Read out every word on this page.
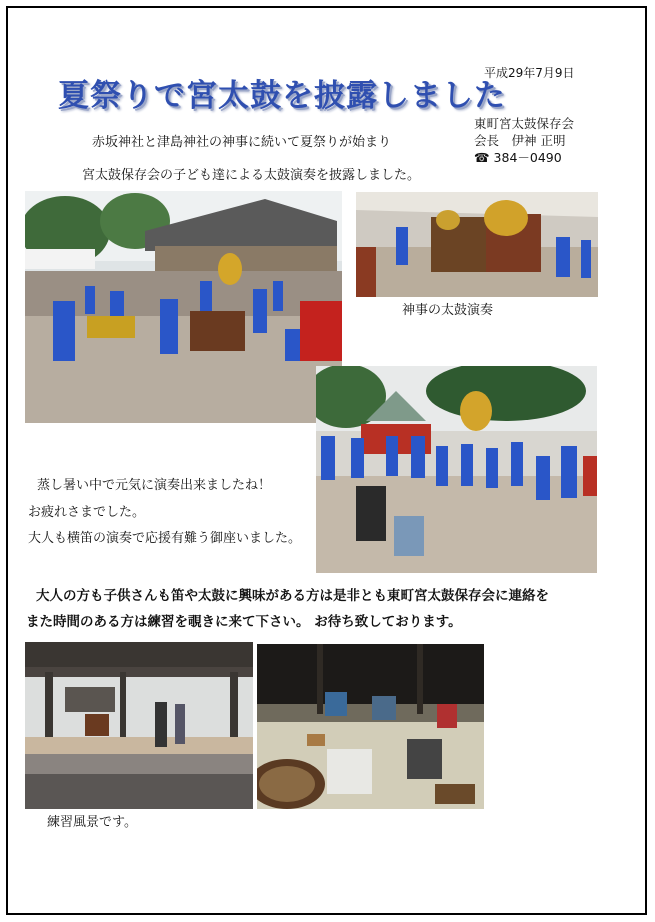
平成29年7月9日
夏祭りで宮太鼓を披露しました
東町宮太鼓保存会
会長　伊神 正明
☎ 384－0490
赤坂神社と津島神社の神事に続いて夏祭りが始まり
宮太鼓保存会の子ども達による太鼓演奏を披露しました。
神事の太鼓演奏
蒸し暑い中で元気に演奏出来ましたね！
お疲れさまでした。
大人も横笛の演奏で応援有難う御座いました。
大人の方も子供さんも笛や太鼓に興味がある方は是非とも東町宮太鼓保存会に連絡を
また時間のある方は練習を覗きに来て下さい。 お待ち致しております。
練習風景です。
